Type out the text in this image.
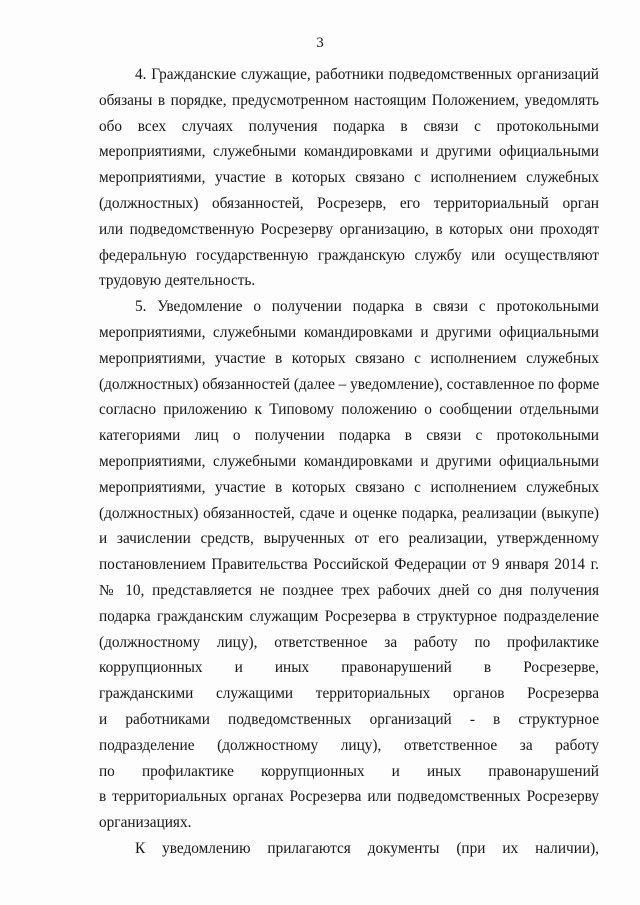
3

4. Гражданские служащие, работники подведомственных организаций
обязаны в порядке, предусмотренном настоящим Положением, уведомлять
обо всех случаях получения подарка в связи с протокольными
мероприятиями, служебными командировками и другими официальными
мероприятиями, участие в которых связано с исполнением служебных
(должностных) обязанностей, Росрезерв, его территориальный орган
или подведомственную Росрезерву организацию, в которых они проходят
федеральную государственную гражданскую службу или осуществляют
трудовую деятельность.

5. Уведомление о получении подарка в связи с протокольными
мероприятиями, служебными командировками и другими официальными
мероприятиями, участие в которых связано с исполнением служебных
(должностных) обязанностей (далее – уведомление), составленное по форме
согласно приложению к Типовому положению о сообщении отдельными
категориями лиц о получении подарка в связи с протокольными
мероприятиями, служебными командировками и другими официальными
мероприятиями, участие в которых связано с исполнением служебных
(должностных) обязанностей, сдаче и оценке подарка, реализации (выкупе)
и зачислении средств, вырученных от его реализации, утвержденному
постановлением Правительства Российской Федерации от 9 января 2014 г.
№ 10, представляется не позднее трех рабочих дней со дня получения
подарка гражданским служащим Росрезерва в структурное подразделение
(должностному лицу), ответственное за работу по профилактике
коррупционных и иных правонарушений в Росрезерве,
гражданскими служащими территориальных органов Росрезерва
и работниками подведомственных организаций - в структурное
подразделение (должностному лицу), ответственное за работу
по профилактике коррупционных и иных правонарушений
в территориальных органах Росрезерва или подведомственных Росрезерву
организациях.

К уведомлению прилагаются документы (при их наличии),
